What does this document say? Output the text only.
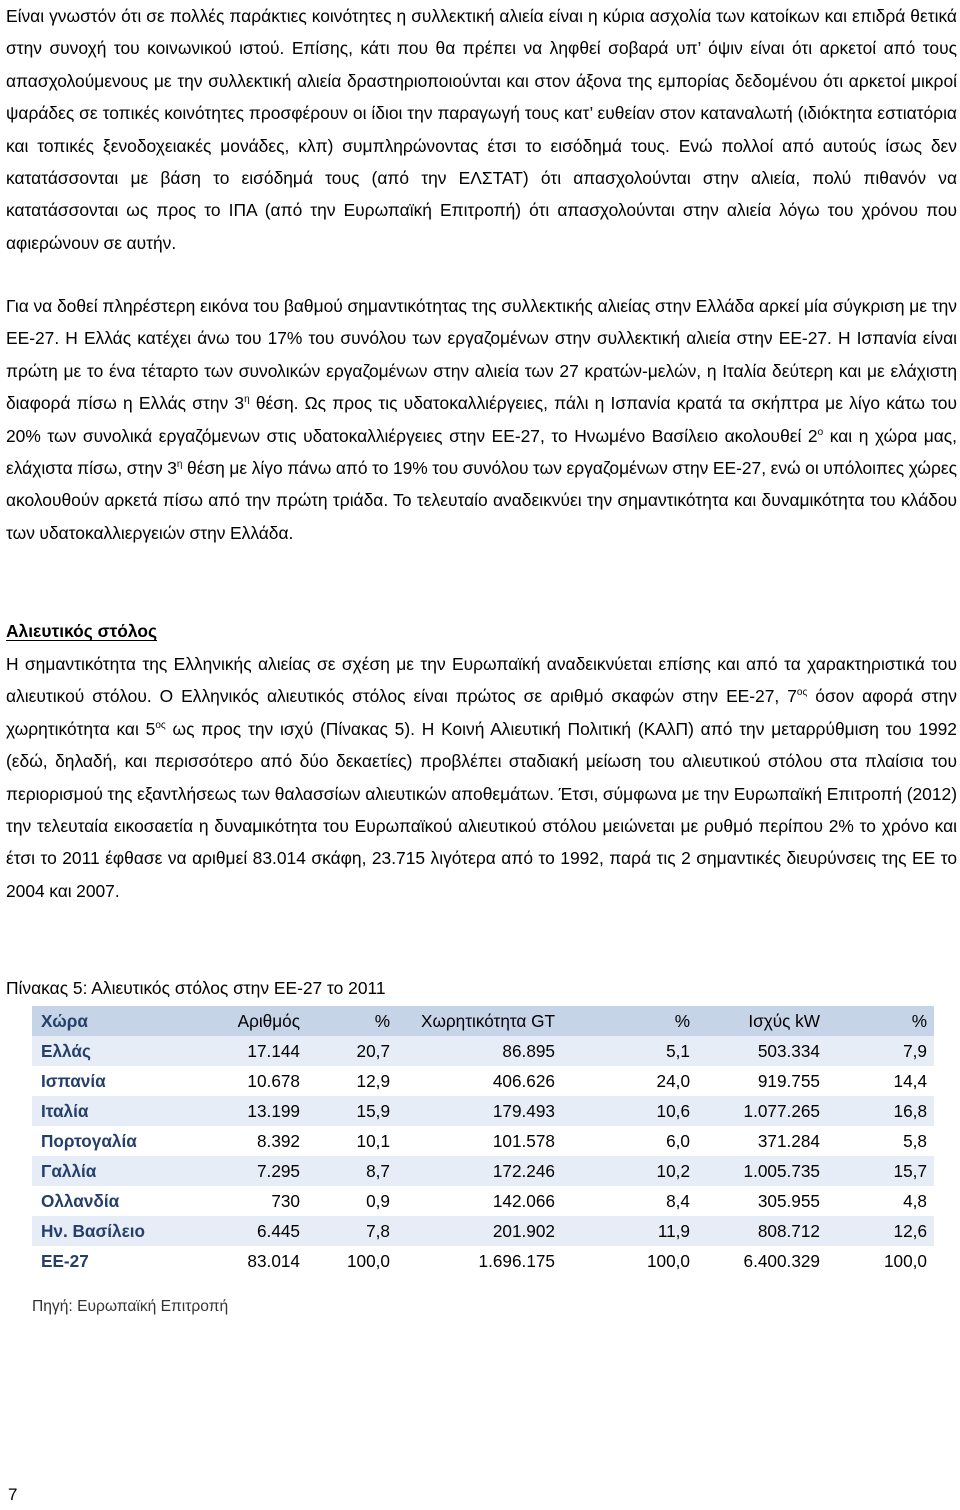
Είναι γνωστόν ότι σε πολλές παράκτιες κοινότητες η συλλεκτική αλιεία είναι η κύρια ασχολία των κατοίκων και επιδρά θετικά στην συνοχή του κοινωνικού ιστού. Επίσης, κάτι που θα πρέπει να ληφθεί σοβαρά υπ’ όψιν είναι ότι αρκετοί από τους απασχολούμενους με την συλλεκτική αλιεία δραστηριοποιούνται και στον άξονα της εμπορίας δεδομένου ότι αρκετοί μικροί ψαράδες σε τοπικές κοινότητες προσφέρουν οι ίδιοι την παραγωγή τους κατ’ ευθείαν στον καταναλωτή (ιδιόκτητα εστιατόρια και τοπικές ξενοδοχειακές μονάδες, κλπ) συμπληρώνοντας έτσι το εισόδημά τους. Ενώ πολλοί από αυτούς ίσως δεν κατατάσσονται με βάση το εισόδημά τους (από την ΕΛΣΤΑΤ) ότι απασχολούνται στην αλιεία, πολύ πιθανόν να κατατάσσονται ως προς το ΙΠΑ (από την Ευρωπαϊκή Επιτροπή) ότι απασχολούνται στην αλιεία λόγω του χρόνου που αφιερώνουν σε αυτήν.

Για να δοθεί πληρέστερη εικόνα του βαθμού σημαντικότητας της συλλεκτικής αλιείας στην Ελλάδα αρκεί μία σύγκριση με την ΕΕ-27. Η Ελλάς κατέχει άνω του 17% του συνόλου των εργαζομένων στην συλλεκτική αλιεία στην ΕΕ-27. Η Ισπανία είναι πρώτη με το ένα τέταρτο των συνολικών εργαζομένων στην αλιεία των 27 κρατών-μελών, η Ιταλία δεύτερη και με ελάχιστη διαφορά πίσω η Ελλάς στην $3^\eta$ θέση. Ως προς τις υδατοκαλλιέργειες, πάλι η Ισπανία κρατά τα σκήπτρα με λίγο κάτω του 20% των συνολικά εργαζόμενων στις υδατοκαλλιέργειες στην ΕΕ-27, το Ηνωμένο Βασίλειο ακολουθεί $2^o$ και η χώρα μας, ελάχιστα πίσω, στην $3^\eta$ θέση με λίγο πάνω από το 19% του συνόλου των εργαζομένων στην ΕΕ-27, ενώ οι υπόλοιπες χώρες ακολουθούν αρκετά πίσω από την πρώτη τριάδα. Το τελευταίο αναδεικνύει την σημαντικότητα και δυναμικότητα του κλάδου των υδατοκαλλιεργειών στην Ελλάδα.

Αλιευτικός στόλος

Η σημαντικότητα της Ελληνικής αλιείας σε σχέση με την Ευρωπαϊκή αναδεικνύεται επίσης και από τα χαρακτηριστικά του αλιευτικού στόλου. Ο Ελληνικός αλιευτικός στόλος είναι πρώτος σε αριθμό σκαφών στην ΕΕ-27, $7^{o\varsigma}$ όσον αφορά στην χωρητικότητα και $5^{o\varsigma}$ ως προς την ισχύ (Πίνακας 5). Η Κοινή Αλιευτική Πολιτική (ΚΑλΠ) από την μεταρρύθμιση του 1992 (εδώ, δηλαδή, και περισσότερο από δύο δεκαετίες) προβλέπει σταδιακή μείωση του αλιευτικού στόλου στα πλαίσια του περιορισμού της εξαντλήσεως των θαλασσίων αλιευτικών αποθεμάτων. Έτσι, σύμφωνα με την Ευρωπαϊκή Επιτροπή (2012) την τελευταία εικοσαετία η δυναμικότητα του Ευρωπαϊκού αλιευτικού στόλου μειώνεται με ρυθμό περίπου 2% το χρόνο και έτσι το 2011 έφθασε να αριθμεί 83.014 σκάφη, 23.715 λιγότερα από το 1992, παρά τις 2 σημαντικές διευρύνσεις της ΕΕ το 2004 και 2007.

Πίνακας 5: Αλιευτικός στόλος στην ΕΕ-27 το 2011

Χώρα	Αριθμός	%	Χωρητικότητα GT	%	Ισχύς kW	%
Ελλάς	17.144	20,7	86.895	5,1	503.334	7,9
Ισπανία	10.678	12,9	406.626	24,0	919.755	14,4
Ιταλία	13.199	15,9	179.493	10,6	1.077.265	16,8
Πορτογαλία	8.392	10,1	101.578	6,0	371.284	5,8
Γαλλία	7.295	8,7	172.246	10,2	1.005.735	15,7
Ολλανδία	730	0,9	142.066	8,4	305.955	4,8
Ην. Βασίλειο	6.445	7,8	201.902	11,9	808.712	12,6
ΕΕ-27	83.014	100,0	1.696.175	100,0	6.400.329	100,0

Πηγή: Ευρωπαϊκή Επιτροπή

7
